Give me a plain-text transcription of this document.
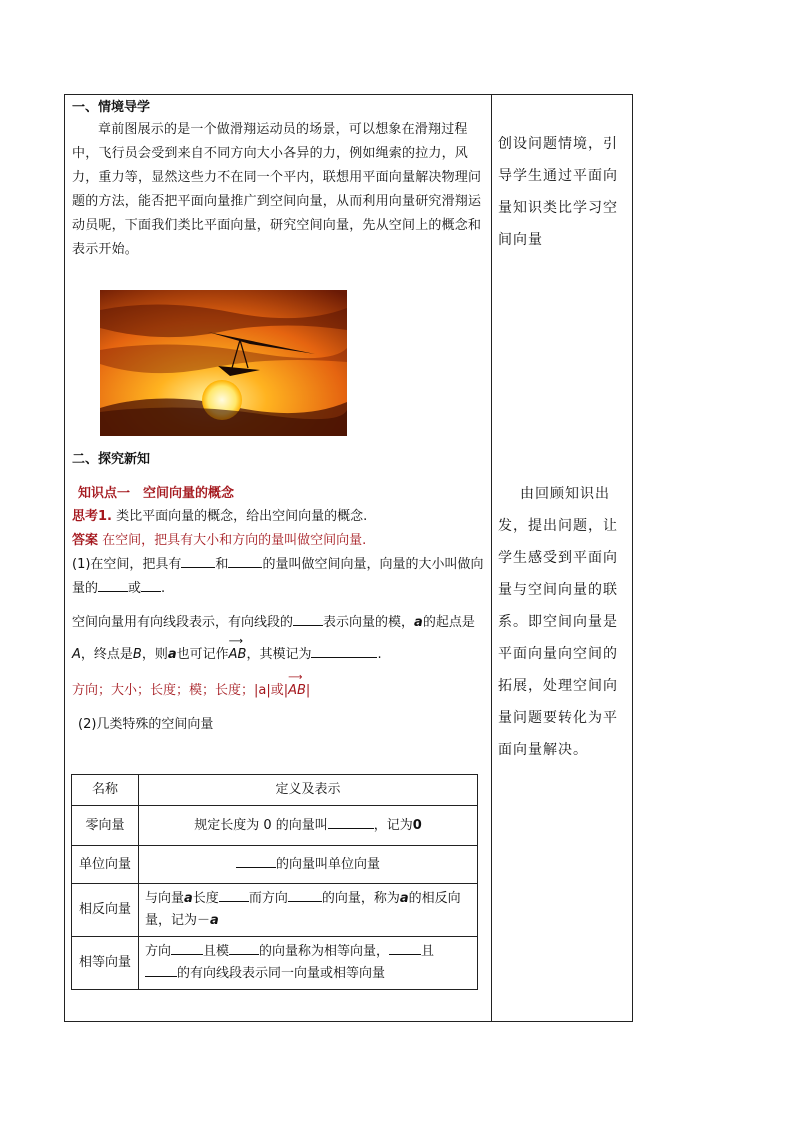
一、情境导学

章前图展示的是一个做滑翔运动员的场景，可以想象在滑翔过程中，飞行员会受到来自不同方向大小各异的力，例如绳索的拉力，风力，重力等，显然这些力不在同一个平内，联想用平面向量解决物理问题的方法，能否把平面向量推广到空间向量，从而利用向量研究滑翔运动员呢，下面我们类比平面向量，研究空间向量，先从空间上的概念和表示开始。

二、探究新知

知识点一　空间向量的概念

思考1. 类比平面向量的概念，给出空间向量的概念.

答案 在空间，把具有大小和方向的量叫做空间向量.

(1)在空间，把具有	和	的量叫做空间向量，向量的大小叫做向量的 或 .

空间向量用有向线段表示，有向线段的 表示向量的模，a的起点是A，终点是B，则a也可记作⟶ AB，其模记为	.

方向；大小；长度；模；长度；|a|或|⟶ AB|

(2)几类特殊的空间向量

名称	定义及表示
零向量	规定长度为 0 的向量叫 ，记为0
单位向量	的向量叫单位向量
相反向量	与向量a长度 而方向 的向量，称为a的相反向量，记为－a
相等向量	方向 且模 的向量称为相等向量， 且
的有向线段表示同一向量或相等向量

创设问题情境，引导学生通过平面向量知识类比学习空间向量

由回顾知识出发，提出问题，让学生感受到平面向量与空间向量的联系。即空间向量是平面向量向空间的拓展，处理空间向量问题要转化为平面向量解决。
